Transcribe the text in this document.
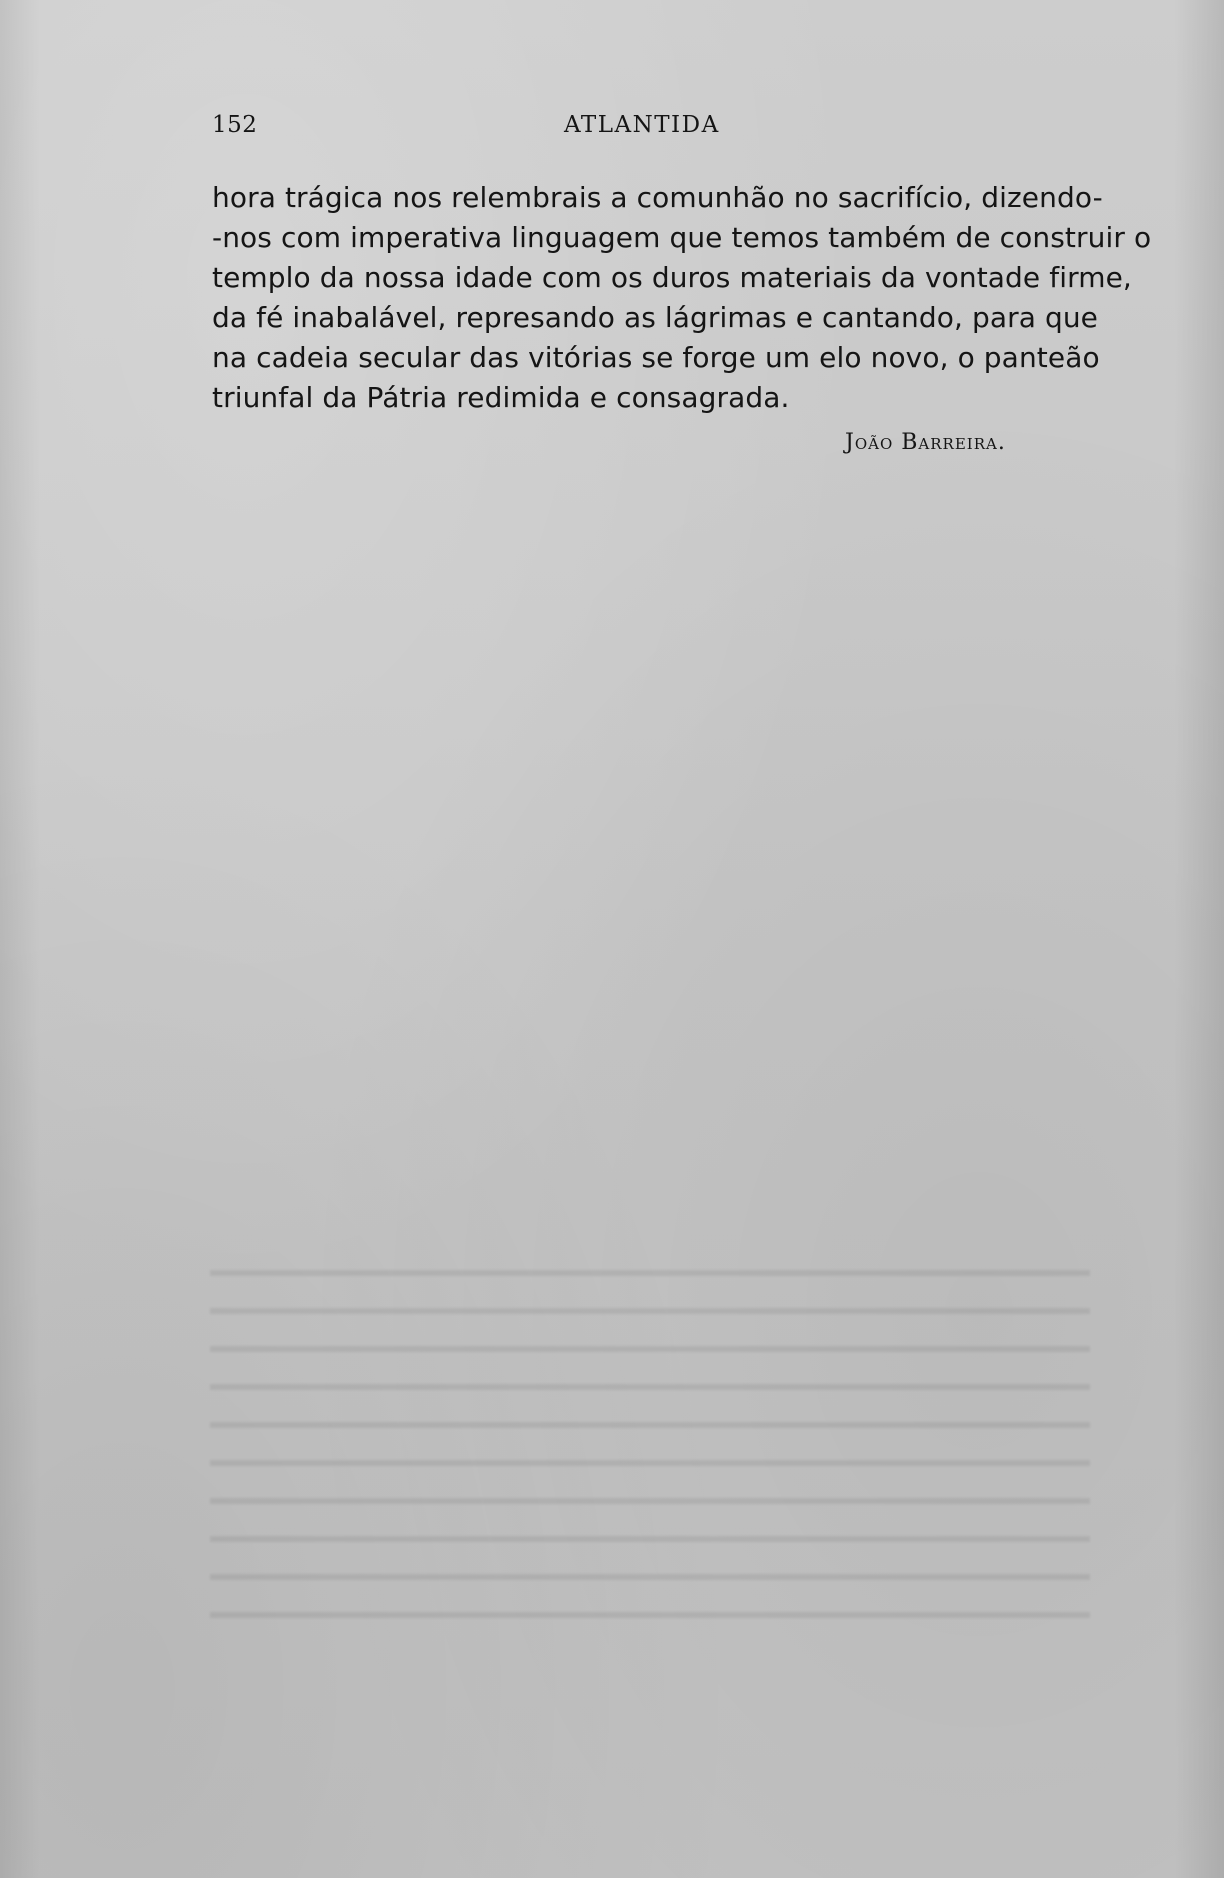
152	ATLANTIDA
hora trágica nos relembrais a comunhão no sacrifício, dizendo-
-nos com imperativa linguagem que temos também de construir o
templo da nossa idade com os duros materiais da vontade firme,
da fé inabalável, represando as lágrimas e cantando, para que
na cadeia secular das vitórias se forge um elo novo, o panteão
triunfal da Pátria redimida e consagrada.
João Barreira.
